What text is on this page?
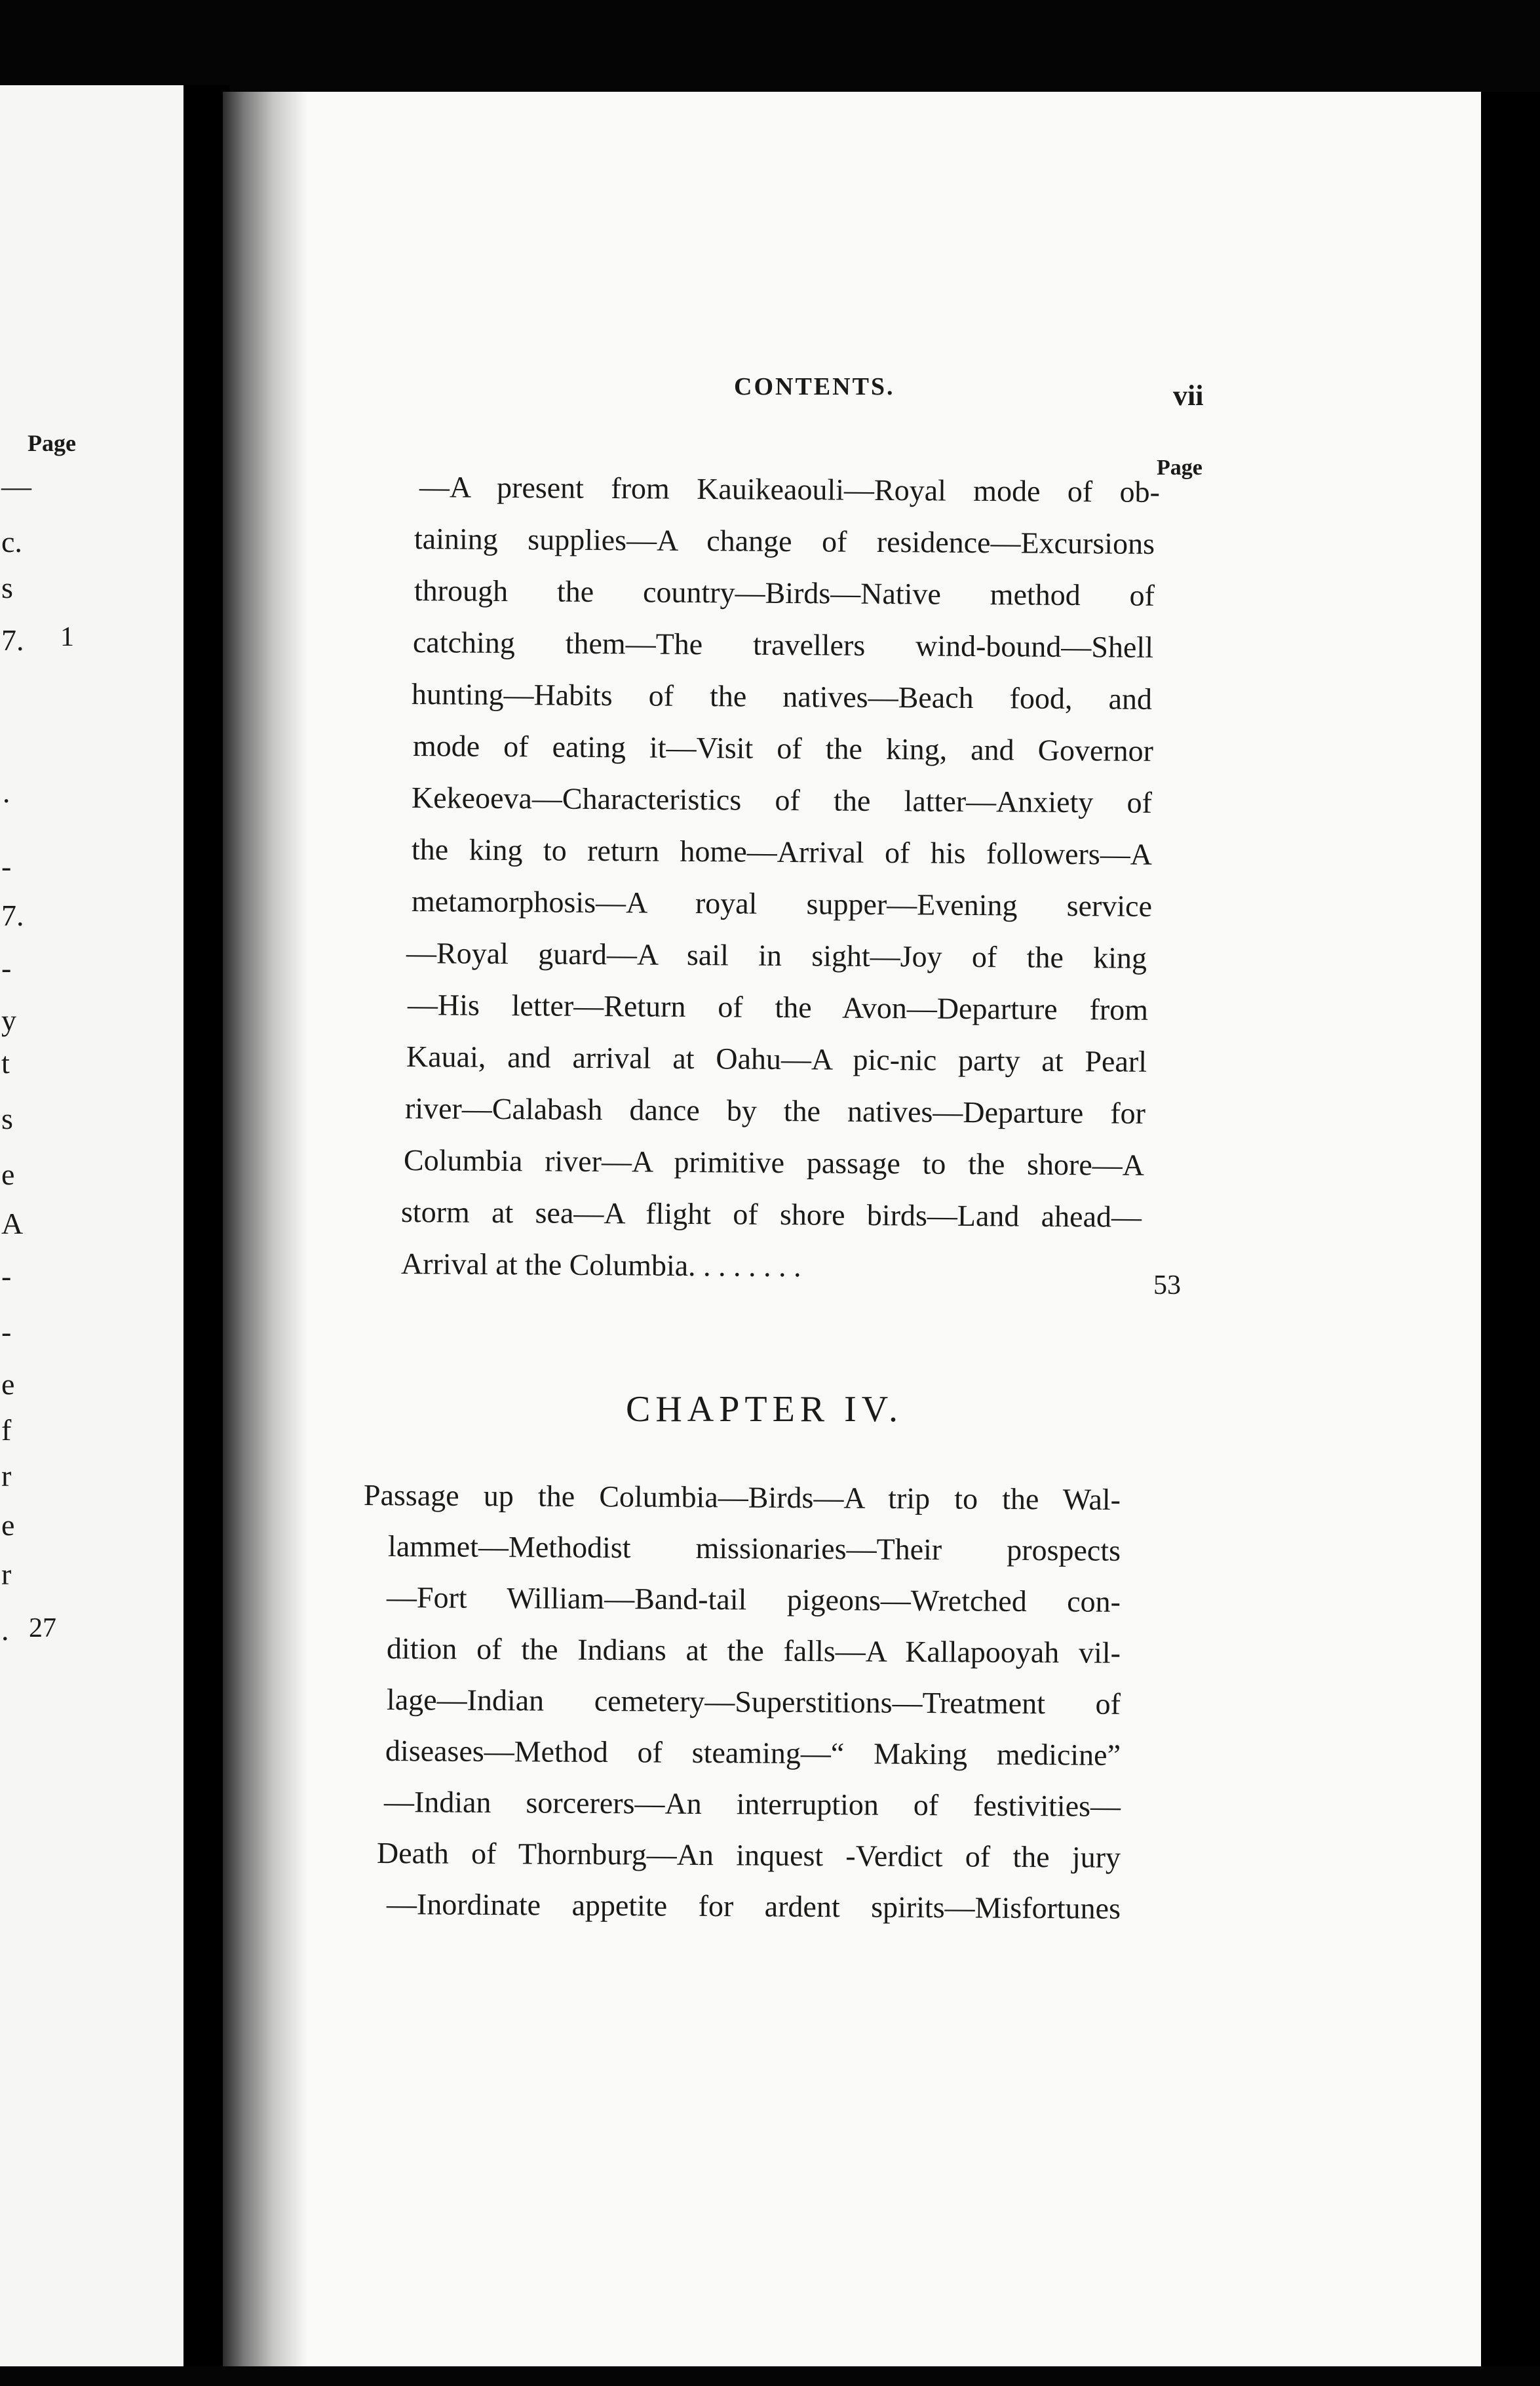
Page
—
c.
s
7.
·
-
7.
-
y
t
s
e
A
-
-
e
f
r
e
r
.
1
27
CONTENTS.	vii
Page
—A present from Kauikeaouli—Royal mode of ob-
taining supplies—A change of residence—Excursions
through the country—Birds—Native method of
catching them—The travellers wind-bound—Shell
hunting—Habits of the natives—Beach food, and
mode of eating it—Visit of the king, and Governor
Kekeoeva—Characteristics of the latter—Anxiety of
the king to return home—Arrival of his followers—A
metamorphosis—A royal supper—Evening service
—Royal guard—A sail in sight—Joy of the king
—His letter—Return of the Avon—Departure from
Kauai, and arrival at Oahu—A pic-nic party at Pearl
river—Calabash dance by the natives—Departure for
Columbia river—A primitive passage to the shore—A
storm at sea—A flight of shore birds—Land ahead—
Arrival at the Columbia. . . . . . . .
53
CHAPTER IV.
Passage up the Columbia—Birds—A trip to the Wal-
lammet—Methodist missionaries—Their prospects
—Fort William—Band-tail pigeons—Wretched con-
dition of the Indians at the falls—A Kallapooyah vil-
lage—Indian cemetery—Superstitions—Treatment of
diseases—Method of steaming—“ Making medicine”
—Indian sorcerers—An interruption of festivities—
Death of Thornburg—An inquest -Verdict of the jury
—Inordinate appetite for ardent spirits—Misfortunes
